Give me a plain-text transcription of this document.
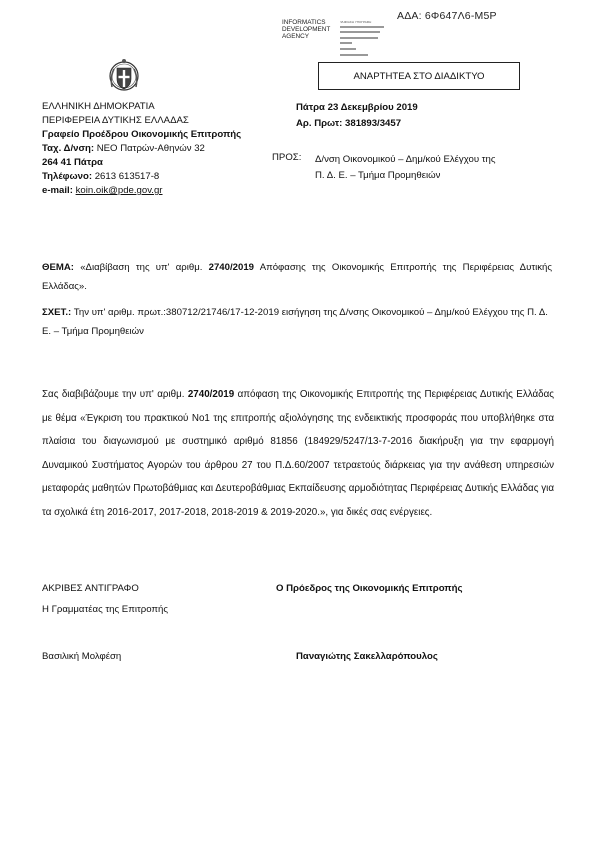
ΑΔΑ: 6Φ647Λ6-Μ5Ρ
INFORMATICS
DEVELOPMENT
AGENCY
ΨΗΦΙΑΚΗ ΥΠΟΓΡΑΦΗ

ΑΝΑΡΤΗΤΕΑ ΣΤΟ ΔΙΑΔΙΚΤΥΟ
ΕΛΛΗΝΙΚΗ ΔΗΜΟΚΡΑΤΙΑ
ΠΕΡΙΦΕΡΕΙΑ ΔΥΤΙΚΗΣ ΕΛΛΑΔΑΣ
Γραφείο Προέδρου Οικονομικής Επιτροπής
Ταχ. Δ/νση: ΝΕΟ Πατρών-Αθηνών 32
264 41 Πάτρα
Τηλέφωνο: 2613 613517-8
e-mail: koin.oik@pde.gov.gr
Πάτρα 23 Δεκεμβρίου 2019
Αρ. Πρωτ: 381893/3457
ΠΡΟΣ: Δ/νση Οικονομικού – Δημ/κού Ελέγχου της
Π. Δ. Ε. – Τμήμα Προμηθειών
ΘΕΜΑ: «Διαβίβαση της υπ' αριθμ. 2740/2019 Απόφασης της Οικονομικής Επιτροπής της Περιφέρειας Δυτικής Ελλάδας».
ΣΧΕΤ.: Την υπ' αριθμ. πρωτ.:380712/21746/17-12-2019 εισήγηση της Δ/νσης Οικονομικού – Δημ/κού Ελέγχου της Π. Δ. Ε. – Τμήμα Προμηθειών
Σας διαβιβάζουμε την υπ' αριθμ. 2740/2019 απόφαση της Οικονομικής Επιτροπής της Περιφέρειας Δυτικής Ελλάδας με θέμα «Έγκριση του πρακτικού Νο1 της επιτροπής αξιολόγησης της ενδεικτικής προσφοράς που υποβλήθηκε στα πλαίσια του διαγωνισμού με συστημικό αριθμό 81856 (184929/5247/13-7-2016 διακήρυξη για την εφαρμογή Δυναμικού Συστήματος Αγορών του άρθρου 27 του Π.Δ.60/2007 τετραετούς διάρκειας για την ανάθεση υπηρεσιών μεταφοράς μαθητών Πρωτοβάθμιας και Δευτεροβάθμιας Εκπαίδευσης αρμοδιότητας Περιφέρειας Δυτικής Ελλάδας για τα σχολικά έτη 2016-2017, 2017-2018, 2018-2019 & 2019-2020.», για δικές σας ενέργειες.
ΑΚΡΙΒΕΣ ΑΝΤΙΓΡΑΦΟ
Η Γραμματέας της Επιτροπής
Ο Πρόεδρος της Οικονομικής Επιτροπής
Βασιλική Μολφέση	Παναγιώτης Σακελλαρόπουλος
